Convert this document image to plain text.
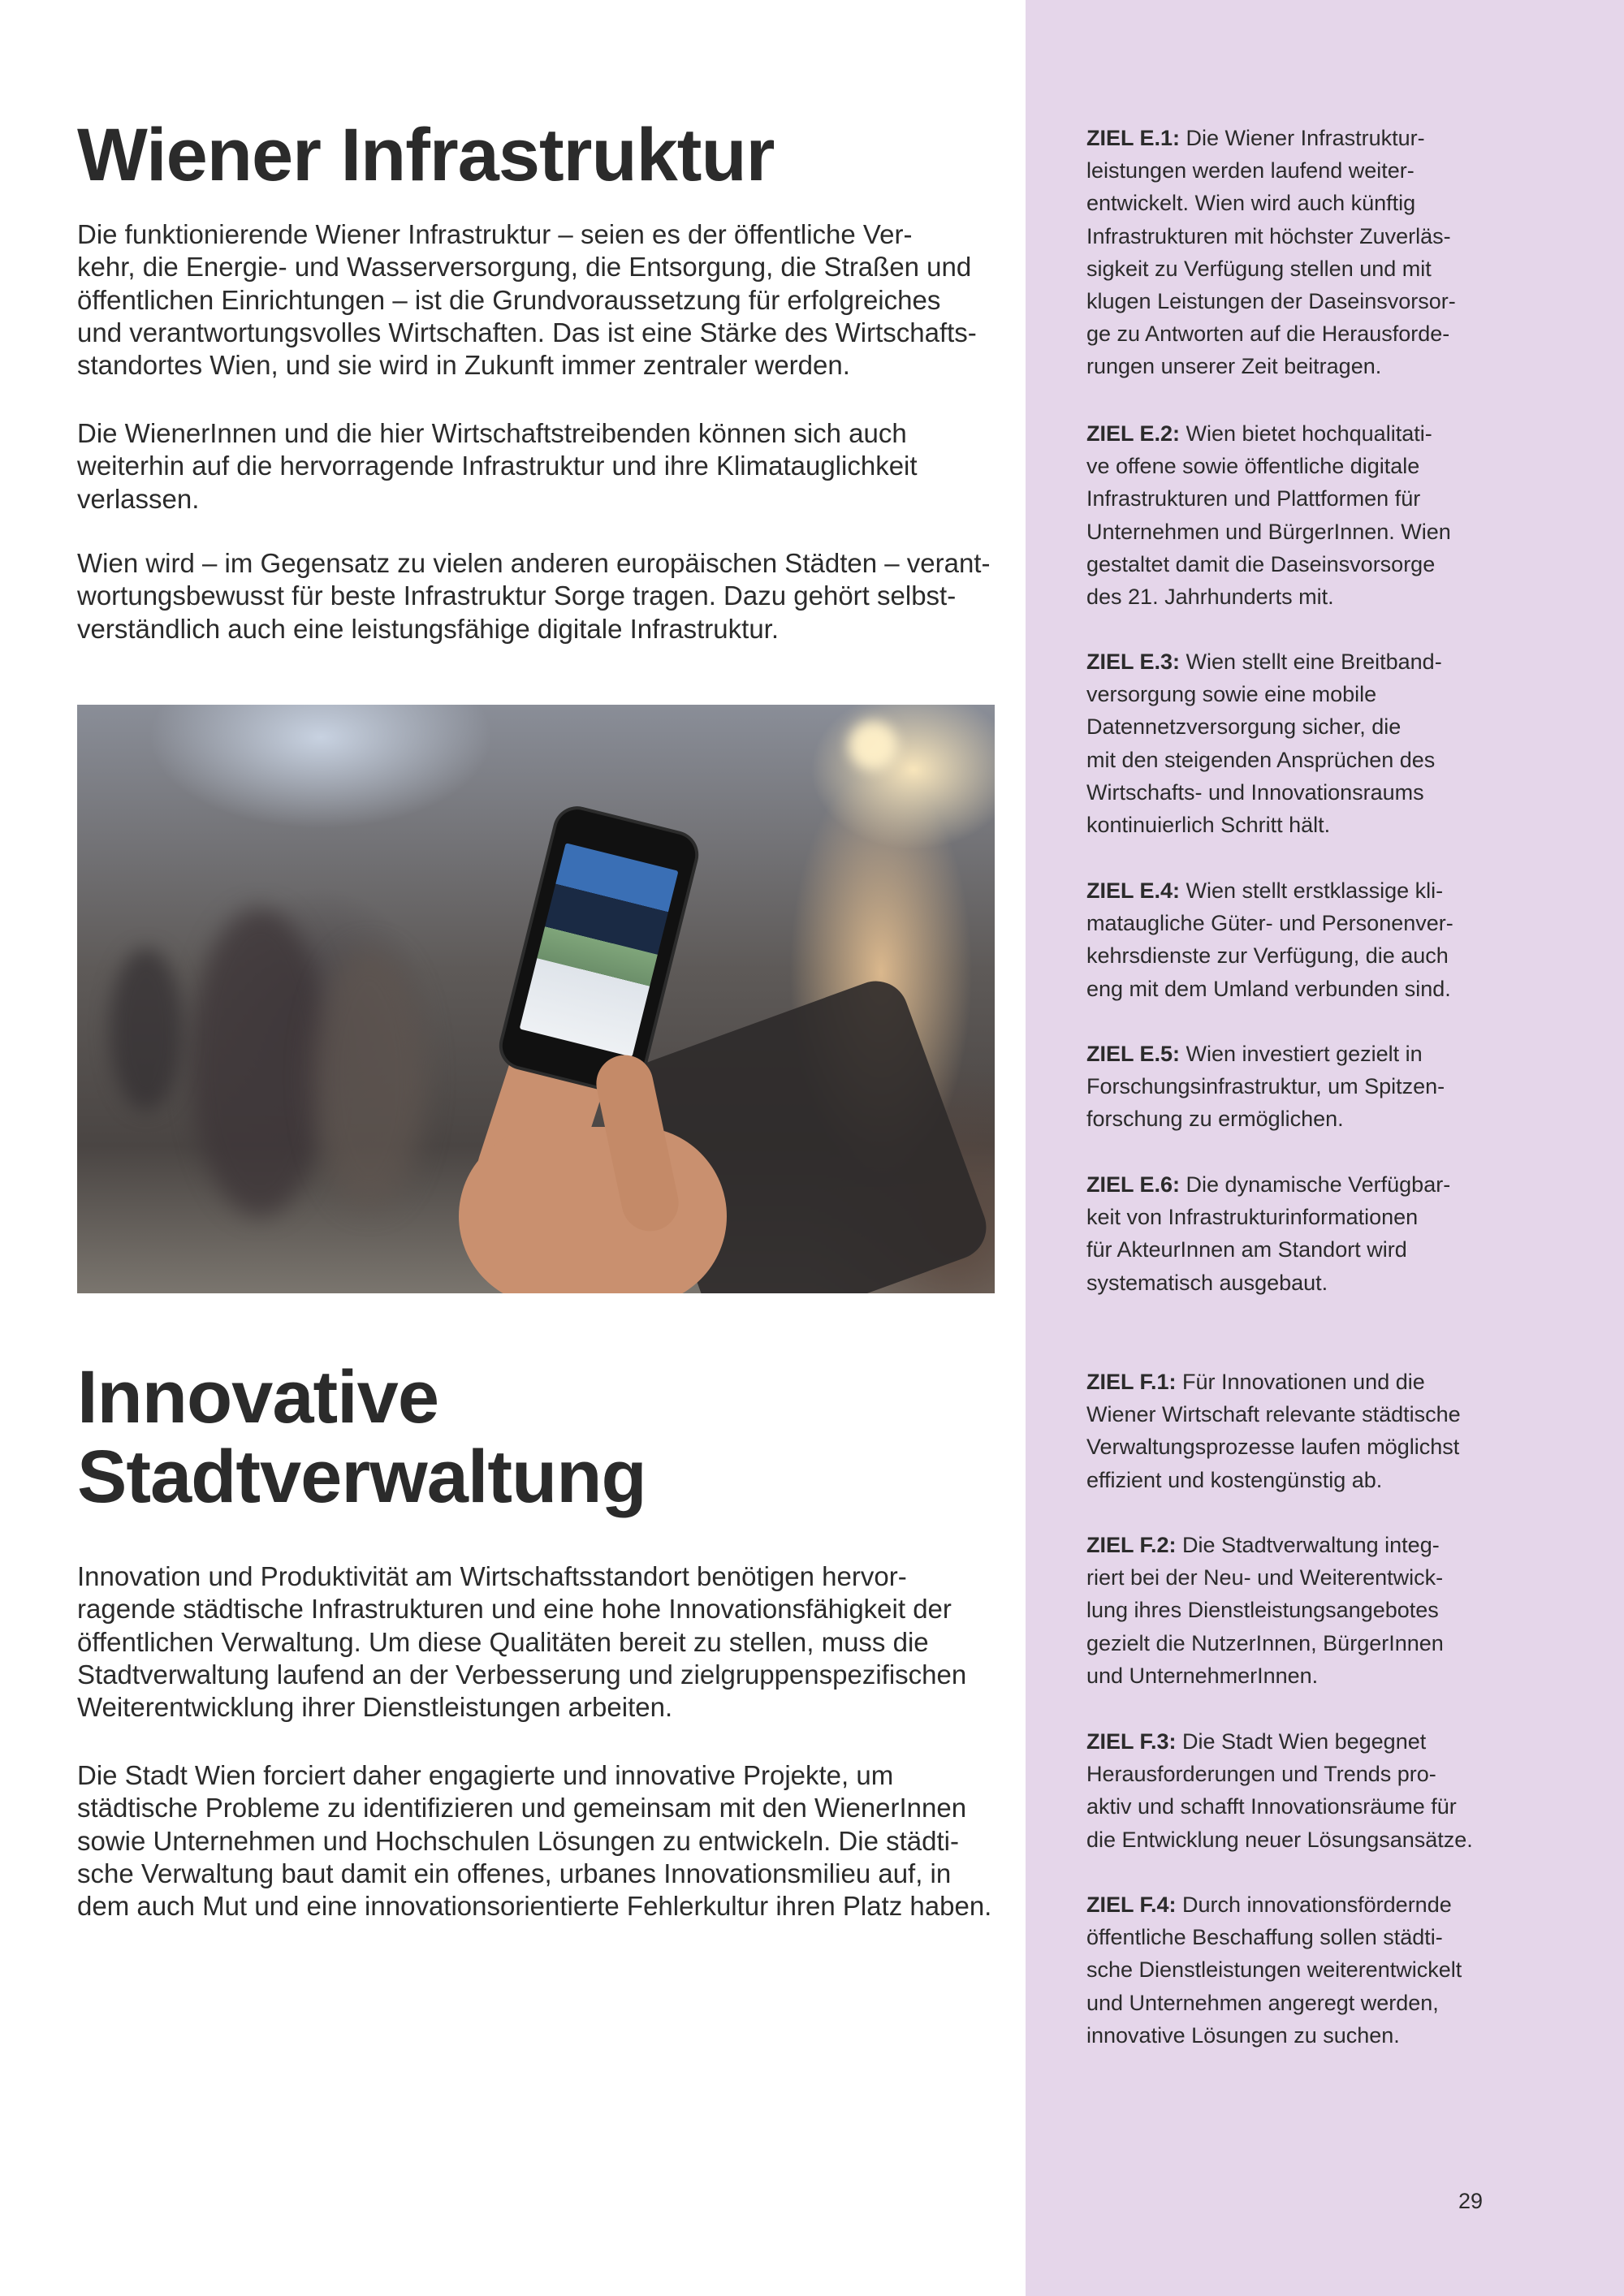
Wiener Infrastruktur

Die funktionierende Wiener Infrastruktur – seien es der öffentliche Ver-
kehr, die Energie- und Wasserversorgung, die Entsorgung, die Straßen und
öffentlichen Einrichtungen – ist die Grundvoraussetzung für erfolgreiches
und verantwortungsvolles Wirtschaften. Das ist eine Stärke des Wirtschafts-
standortes Wien, und sie wird in Zukunft immer zentraler werden.

Die WienerInnen und die hier Wirtschaftstreibenden können sich auch
weiterhin auf die hervorragende Infrastruktur und ihre Klimatauglichkeit
verlassen.

Wien wird – im Gegensatz zu vielen anderen europäischen Städten – verant-
wortungsbewusst für beste Infrastruktur Sorge tragen. Dazu gehört selbst-
verständlich auch eine leistungsfähige digitale Infrastruktur.

Innovative
Stadtverwaltung

Innovation und Produktivität am Wirtschaftsstandort benötigen hervor-
ragende städtische Infrastrukturen und eine hohe Innovationsfähigkeit der
öffentlichen Verwaltung. Um diese Qualitäten bereit zu stellen, muss die
Stadtverwaltung laufend an der Verbesserung und zielgruppenspezifischen
Weiterentwicklung ihrer Dienstleistungen arbeiten.

Die Stadt Wien forciert daher engagierte und innovative Projekte, um
städtische Probleme zu identifizieren und gemeinsam mit den WienerInnen
sowie Unternehmen und Hochschulen Lösungen zu entwickeln. Die städti-
sche Verwaltung baut damit ein offenes, urbanes Innovationsmilieu auf, in
dem auch Mut und eine innovationsorientierte Fehlerkultur ihren Platz haben.

ZIEL E.1: Die Wiener Infrastruktur-
leistungen werden laufend weiter-
entwickelt. Wien wird auch künftig
Infrastrukturen mit höchster Zuverläs-
sigkeit zu Verfügung stellen und mit
klugen Leistungen der Daseinsvorsor-
ge zu Antworten auf die Herausforde-
rungen unserer Zeit beitragen.
ZIEL E.2: Wien bietet hochqualitati-
ve offene sowie öffentliche digitale
Infrastrukturen und Plattformen für
Unternehmen und BürgerInnen. Wien
gestaltet damit die Daseinsvorsorge
des 21. Jahrhunderts mit.
ZIEL E.3: Wien stellt eine Breitband-
versorgung sowie eine mobile
Datennetzversorgung sicher, die
mit den steigenden Ansprüchen des
Wirtschafts- und Innovationsraums
kontinuierlich Schritt hält.
ZIEL E.4: Wien stellt erstklassige kli-
mataugliche Güter- und Personenver-
kehrsdienste zur Verfügung, die auch
eng mit dem Umland verbunden sind.
ZIEL E.5: Wien investiert gezielt in
Forschungsinfrastruktur, um Spitzen-
forschung zu ermöglichen.
ZIEL E.6: Die dynamische Verfügbar-
keit von Infrastrukturinformationen
für AkteurInnen am Standort wird
systematisch ausgebaut.
ZIEL F.1: Für Innovationen und die
Wiener Wirtschaft relevante städtische
Verwaltungsprozesse laufen möglichst
effizient und kostengünstig ab.
ZIEL F.2: Die Stadtverwaltung integ-
riert bei der Neu- und Weiterentwick-
lung ihres Dienstleistungsangebotes
gezielt die NutzerInnen, BürgerInnen
und UnternehmerInnen.
ZIEL F.3: Die Stadt Wien begegnet
Herausforderungen und Trends pro-
aktiv und schafft Innovationsräume für
die Entwicklung neuer Lösungsansätze.
ZIEL F.4: Durch innovationsfördernde
öffentliche Beschaffung sollen städti-
sche Dienstleistungen weiterentwickelt
und Unternehmen angeregt werden,
innovative Lösungen zu suchen.
29
